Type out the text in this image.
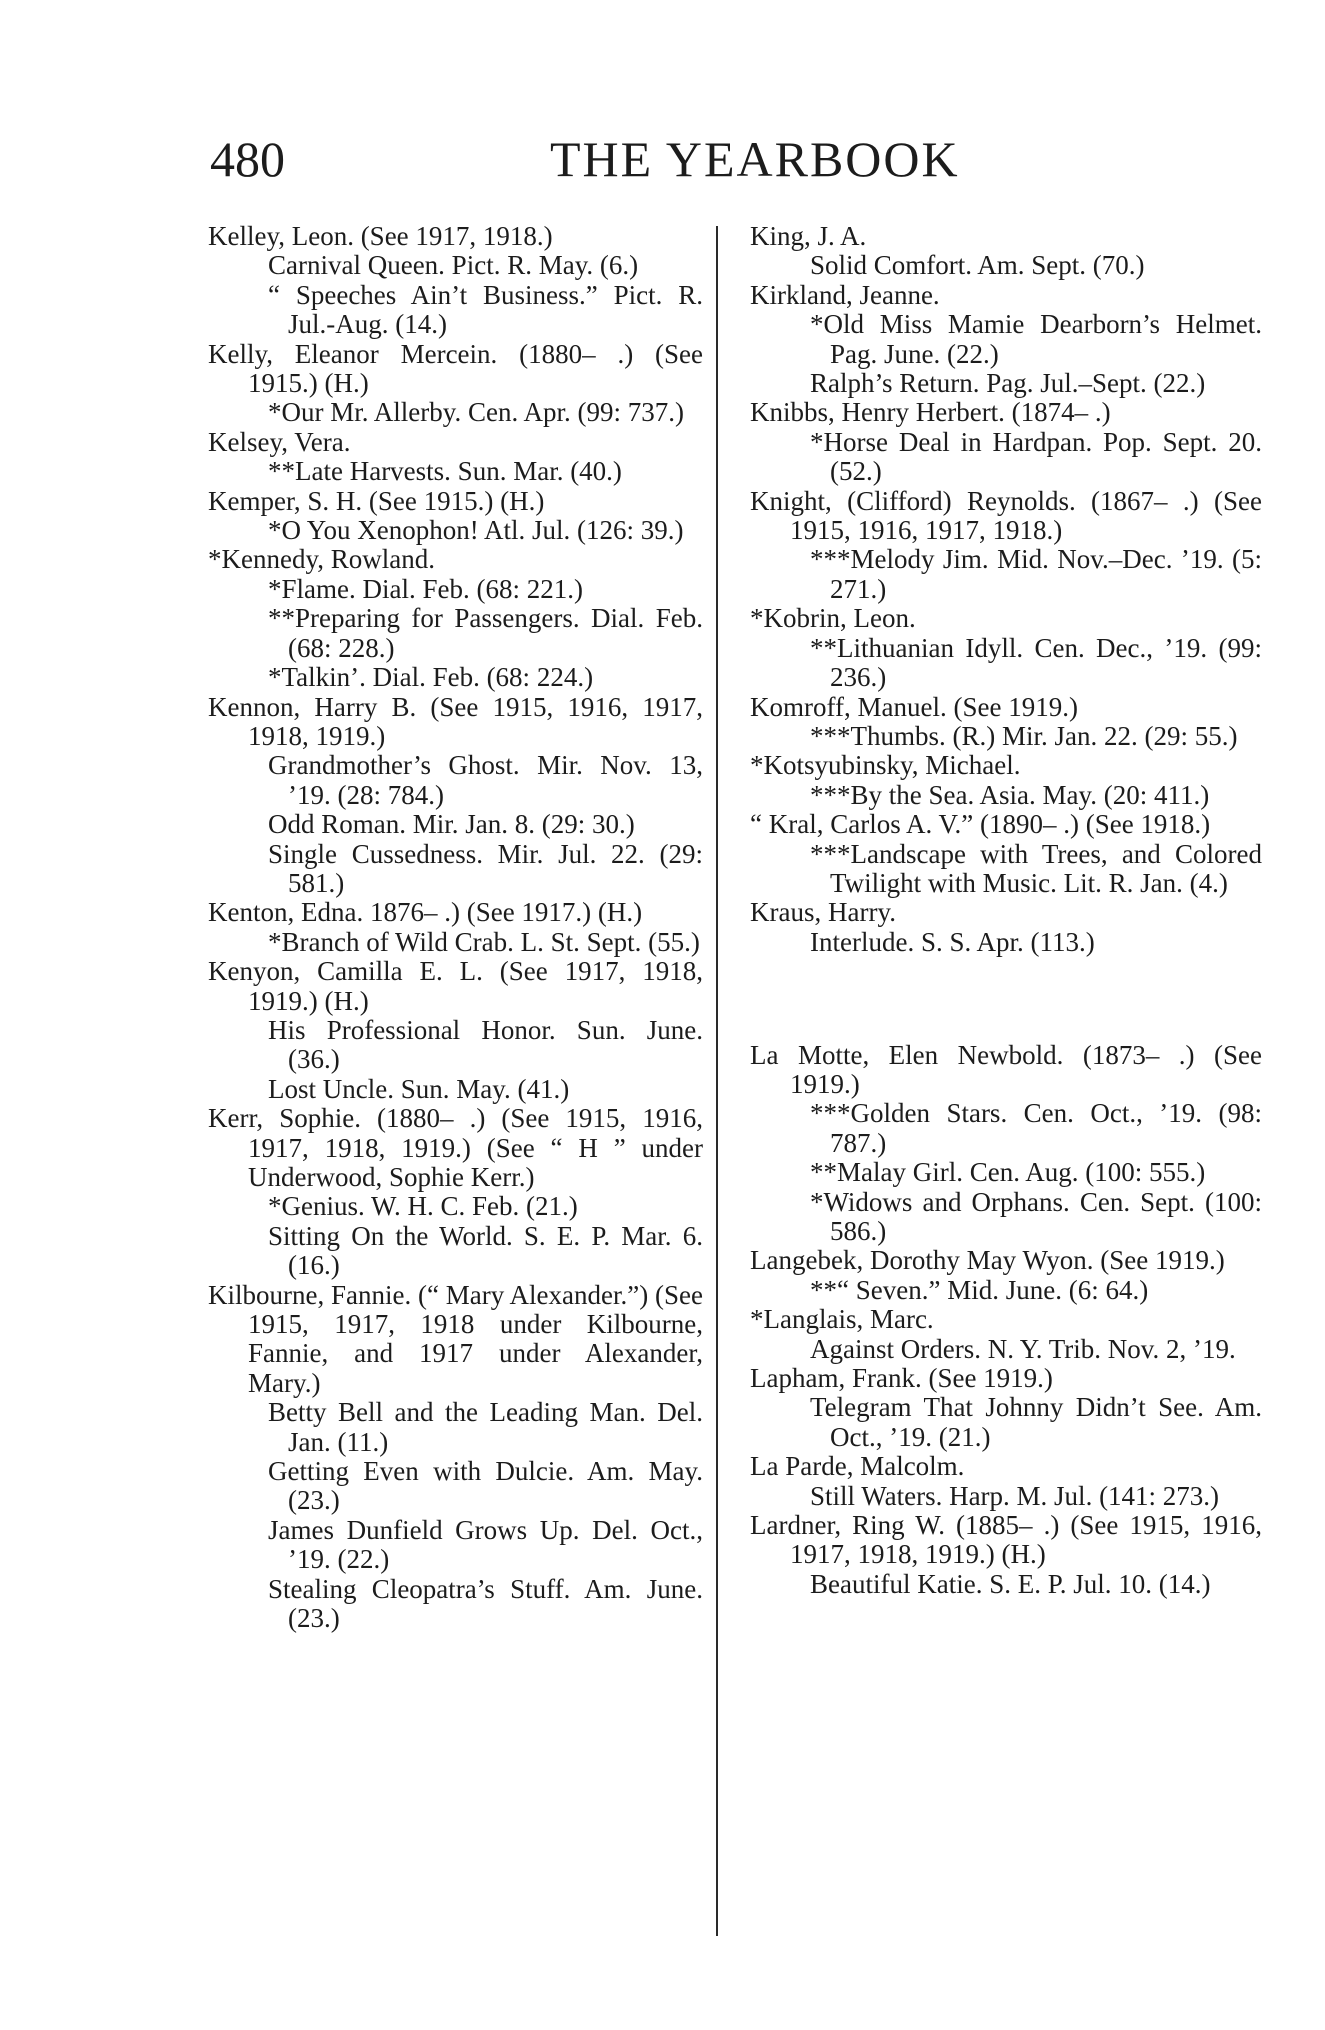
480	THE YEARBOOK

Kelley, Leon. (See 1917, 1918.)

Carnival Queen. Pict. R. May. (6.)

“ Speeches Ain’t Business.” Pict. R. Jul.-Aug. (14.)

Kelly, Eleanor Mercein. (1880– .) (See 1915.) (H.)

*Our Mr. Allerby. Cen. Apr. (99: 737.)

Kelsey, Vera.

**Late Harvests. Sun. Mar. (40.)

Kemper, S. H. (See 1915.) (H.)

*O You Xenophon! Atl. Jul. (126: 39.)

*Kennedy, Rowland.

*Flame. Dial. Feb. (68: 221.)

**Preparing for Passengers. Dial. Feb. (68: 228.)

*Talkin’. Dial. Feb. (68: 224.)

Kennon, Harry B. (See 1915, 1916, 1917, 1918, 1919.)

Grandmother’s Ghost. Mir. Nov. 13, ’19. (28: 784.)

Odd Roman. Mir. Jan. 8. (29: 30.)

Single Cussedness. Mir. Jul. 22. (29: 581.)

Kenton, Edna. 1876– .) (See 1917.) (H.)

*Branch of Wild Crab. L. St. Sept. (55.)

Kenyon, Camilla E. L. (See 1917, 1918, 1919.) (H.)

His Professional Honor. Sun. June. (36.)

Lost Uncle. Sun. May. (41.)

Kerr, Sophie. (1880– .) (See 1915, 1916, 1917, 1918, 1919.) (See “ H ” under Underwood, Sophie Kerr.)

*Genius. W. H. C. Feb. (21.)

Sitting On the World. S. E. P. Mar. 6. (16.)

Kilbourne, Fannie. (“ Mary Alexander.”) (See 1915, 1917, 1918 under Kilbourne, Fannie, and 1917 under Alexander, Mary.)

Betty Bell and the Leading Man. Del. Jan. (11.)

Getting Even with Dulcie. Am. May. (23.)

James Dunfield Grows Up. Del. Oct., ’19. (22.)

Stealing Cleopatra’s Stuff. Am. June. (23.)

King, J. A.

Solid Comfort. Am. Sept. (70.)

Kirkland, Jeanne.

*Old Miss Mamie Dearborn’s Helmet. Pag. June. (22.)

Ralph’s Return. Pag. Jul.–Sept. (22.)

Knibbs, Henry Herbert. (1874– .)

*Horse Deal in Hardpan. Pop. Sept. 20. (52.)

Knight, (Clifford) Reynolds. (1867– .) (See 1915, 1916, 1917, 1918.)

***Melody Jim. Mid. Nov.–Dec. ’19. (5: 271.)

*Kobrin, Leon.

**Lithuanian Idyll. Cen. Dec., ’19. (99: 236.)

Komroff, Manuel. (See 1919.)

***Thumbs. (R.) Mir. Jan. 22. (29: 55.)

*Kotsyubinsky, Michael.

***By the Sea. Asia. May. (20: 411.)

“ Kral, Carlos A. V.” (1890– .) (See 1918.)

***Landscape with Trees, and Colored Twilight with Music. Lit. R. Jan. (4.)

Kraus, Harry.

Interlude. S. S. Apr. (113.)

La Motte, Elen Newbold. (1873– .) (See 1919.)

***Golden Stars. Cen. Oct., ’19. (98: 787.)

**Malay Girl. Cen. Aug. (100: 555.)

*Widows and Orphans. Cen. Sept. (100: 586.)

Langebek, Dorothy May Wyon. (See 1919.)

**“ Seven.” Mid. June. (6: 64.)

*Langlais, Marc.

Against Orders. N. Y. Trib. Nov. 2, ’19.

Lapham, Frank. (See 1919.)

Telegram That Johnny Didn’t See. Am. Oct., ’19. (21.)

La Parde, Malcolm.

Still Waters. Harp. M. Jul. (141: 273.)

Lardner, Ring W. (1885– .) (See 1915, 1916, 1917, 1918, 1919.) (H.)

Beautiful Katie. S. E. P. Jul. 10. (14.)
